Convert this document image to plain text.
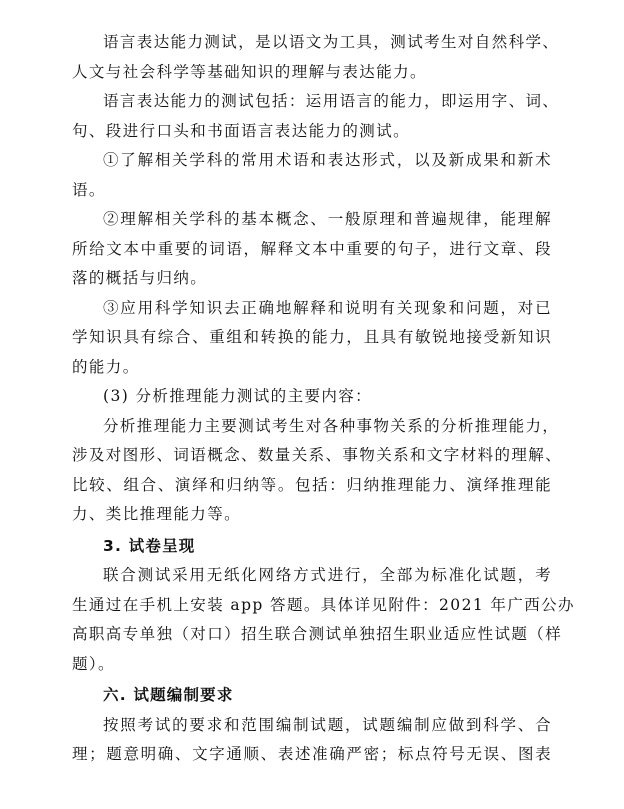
语言表达能力测试，是以语文为工具，测试考生对自然科学、
人文与社会科学等基础知识的理解与表达能力。
语言表达能力的测试包括：运用语言的能力，即运用字、词、
句、段进行口头和书面语言表达能力的测试。
①了解相关学科的常用术语和表达形式，以及新成果和新术
语。
②理解相关学科的基本概念、一般原理和普遍规律，能理解
所给文本中重要的词语，解释文本中重要的句子，进行文章、段
落的概括与归纳。
③应用科学知识去正确地解释和说明有关现象和问题，对已
学知识具有综合、重组和转换的能力，且具有敏锐地接受新知识
的能力。
(3) 分析推理能力测试的主要内容：
分析推理能力主要测试考生对各种事物关系的分析推理能力，
涉及对图形、词语概念、数量关系、事物关系和文字材料的理解、
比较、组合、演绎和归纳等。包括：归纳推理能力、演绎推理能
力、类比推理能力等。
3. 试卷呈现
联合测试采用无纸化网络方式进行，全部为标准化试题，考
生通过在手机上安装 app 答题。具体详见附件：2021 年广西公办
高职高专单独（对口）招生联合测试单独招生职业适应性试题（样
题）。
六. 试题编制要求
按照考试的要求和范围编制试题，试题编制应做到科学、合
理；题意明确、文字通顺、表述准确严密；标点符号无误、图表
